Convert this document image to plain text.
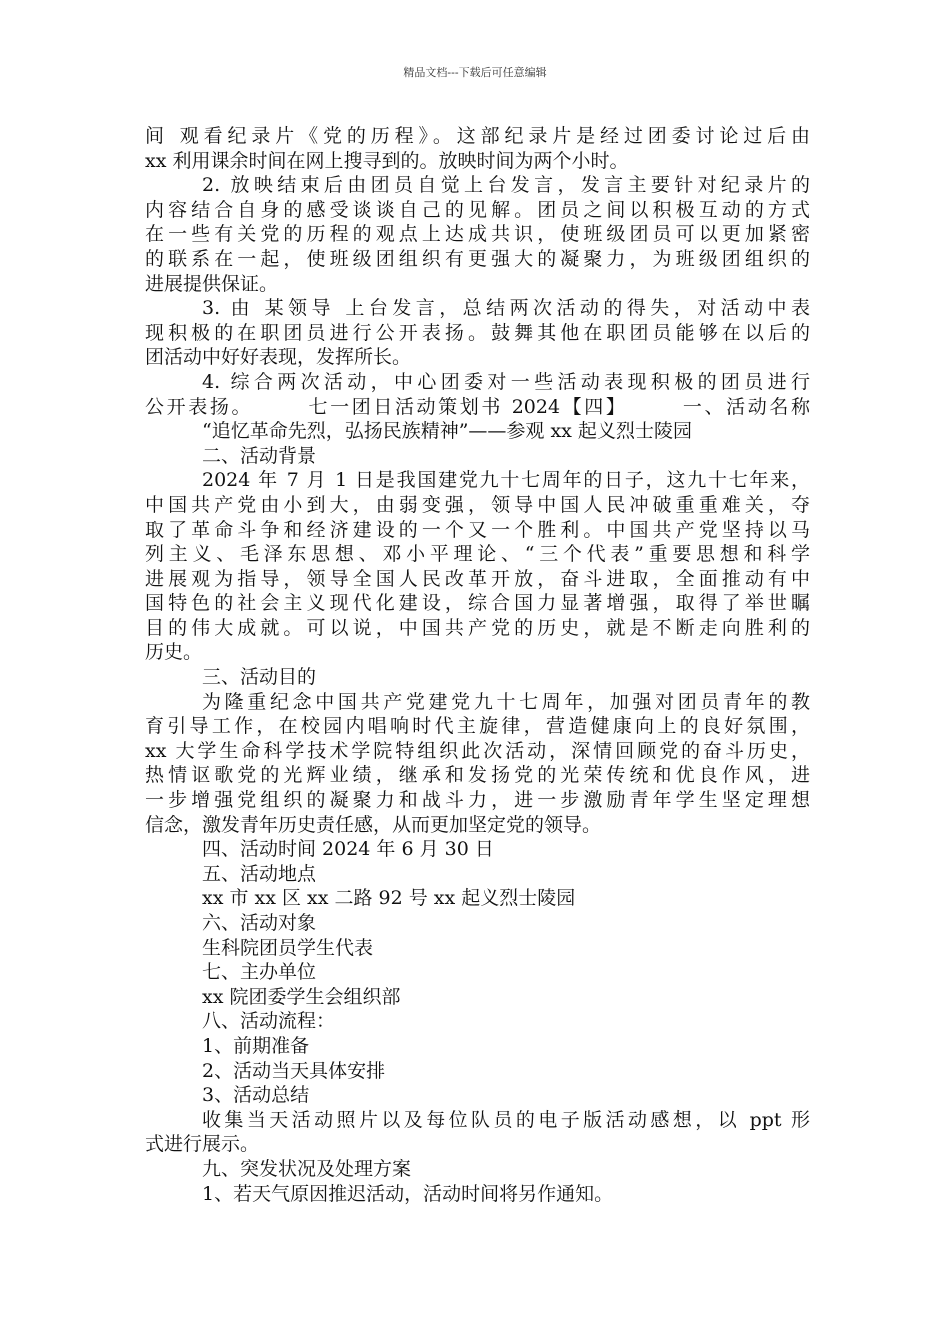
精品文档---下载后可任意编辑
间 观看纪录片《党的历程》。这部纪录片是经过团委讨论过后由
xx 利用课余时间在网上搜寻到的。放映时间为两个小时。
2. 放映结束后由团员自觉上台发言，发言主要针对纪录片的
内容结合自身的感受谈谈自己的见解。团员之间以积极互动的方式
在一些有关党的历程的观点上达成共识，使班级团员可以更加紧密
的联系在一起，使班级团组织有更强大的凝聚力，为班级团组织的
进展提供保证。
3. 由 某领导 上台发言，总结两次活动的得失，对活动中表
现积极的在职团员进行公开表扬。鼓舞其他在职团员能够在以后的
团活动中好好表现，发挥所长。
4. 综合两次活动，中心团委对一些活动表现积极的团员进行
公开表扬。　　　七一团日活动策划书 2024【四】　　　一、活动名称
“追忆革命先烈，弘扬民族精神”——参观 xx 起义烈士陵园
二、活动背景
2024 年 7 月 1 日是我国建党九十七周年的日子，这九十七年来，
中国共产党由小到大，由弱变强，领导中国人民冲破重重难关，夺
取了革命斗争和经济建设的一个又一个胜利。中国共产党坚持以马
列主义、毛泽东思想、邓小平理论、“三个代表”重要思想和科学
进展观为指导，领导全国人民改革开放，奋斗进取，全面推动有中
国特色的社会主义现代化建设，综合国力显著增强，取得了举世瞩
目的伟大成就。可以说，中国共产党的历史，就是不断走向胜利的
历史。
三、活动目的
为隆重纪念中国共产党建党九十七周年，加强对团员青年的教
育引导工作，在校园内唱响时代主旋律，营造健康向上的良好氛围，
xx 大学生命科学技术学院特组织此次活动，深情回顾党的奋斗历史，
热情讴歌党的光辉业绩，继承和发扬党的光荣传统和优良作风，进
一步增强党组织的凝聚力和战斗力，进一步激励青年学生坚定理想
信念，激发青年历史责任感，从而更加坚定党的领导。
四、活动时间 2024 年 6 月 30 日
五、活动地点
xx 市 xx 区 xx 二路 92 号 xx 起义烈士陵园
六、活动对象
生科院团员学生代表
七、主办单位
xx 院团委学生会组织部
八、活动流程：
1、前期准备
2、活动当天具体安排
3、活动总结
收集当天活动照片以及每位队员的电子版活动感想，以 ppt 形
式进行展示。
九、突发状况及处理方案
1、若天气原因推迟活动，活动时间将另作通知。
